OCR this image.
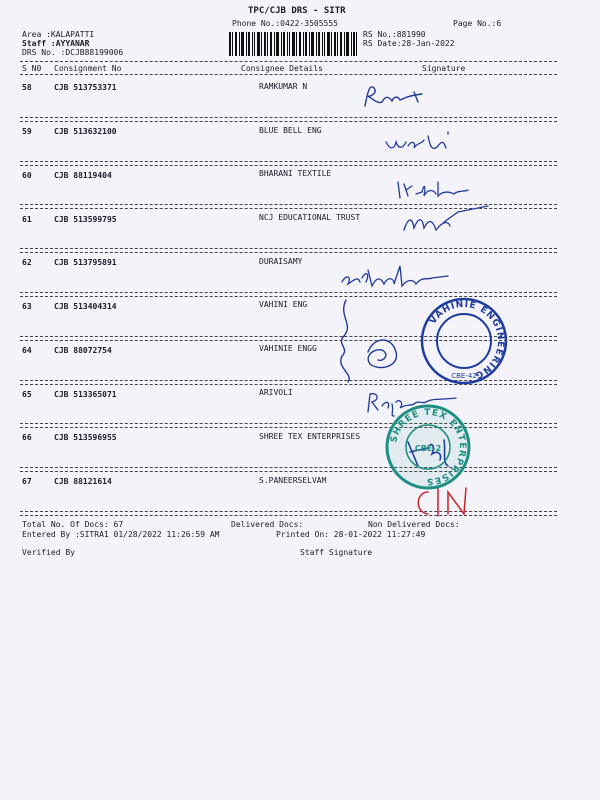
TPC/CJB DRS - SITR
Phone No.:0422-3505555	Page No.:6
Area :KALAPATTI
Staff :AYYANAR
DRS No. :DCJB88199006
RS No.:881990
RS Date:28-Jan-2022
S N0 Consignment No	Consignee Details	Signature
58	CJB 513753371	RAMKUMAR N
59	CJB 513632100	BLUE BELL ENG
60	CJB 88119404	BHARANI TEXTILE
61	CJB 513599795	NCJ EDUCATIONAL TRUST
62	CJB 513795891	DURAISAMY
63	CJB 513404314	VAHINI ENG
64	CJB 88072754	VAHINIE ENGG
65	CJB 513365071	ARIVOLI
66	CJB 513596955	SHREE TEX ENTERPRISES
67	CJB 88121614	S.PANEERSELVAM
Total No. Of Docs: 67	Delivered Docs:	Non Delivered Docs:
Entered By :SITRA1 01/28/2022 11:26:59 AM	Printed On: 28-01-2022 11:27:49
Verified By	Staff Signature
VAHINIE ENGINEERING
CBE-42
SHREE TEX ENTERPRISES
CBE-2
